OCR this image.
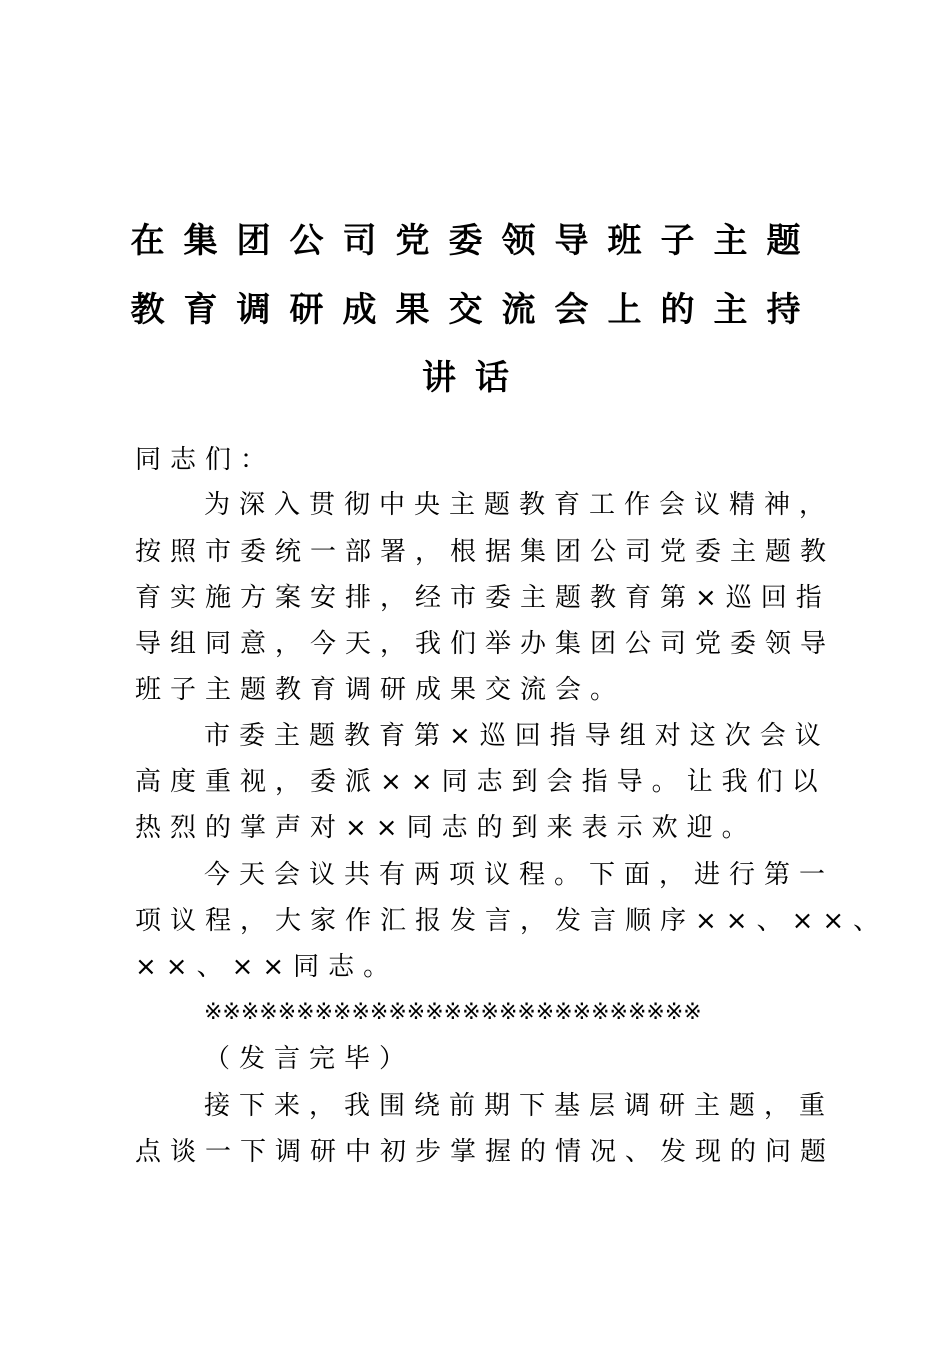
在集团公司党委领导班子主题
教育调研成果交流会上的主持
讲话
同志们：
为深入贯彻中央主题教育工作会议精神，
按照市委统一部署，根据集团公司党委主题教
育实施方案安排，经市委主题教育第×巡回指
导组同意，今天，我们举办集团公司党委领导
班子主题教育调研成果交流会。
市委主题教育第×巡回指导组对这次会议
高度重视，委派××同志到会指导。让我们以
热烈的掌声对××同志的到来表示欢迎。
今天会议共有两项议程。下面，进行第一
项议程，大家作汇报发言，发言顺序××、××、
××、××同志。
※※※※※※※※※※※※※※※※※※※※※※※※※※※
（发言完毕）
接下来，我围绕前期下基层调研主题，重
点谈一下调研中初步掌握的情况、发现的问题
